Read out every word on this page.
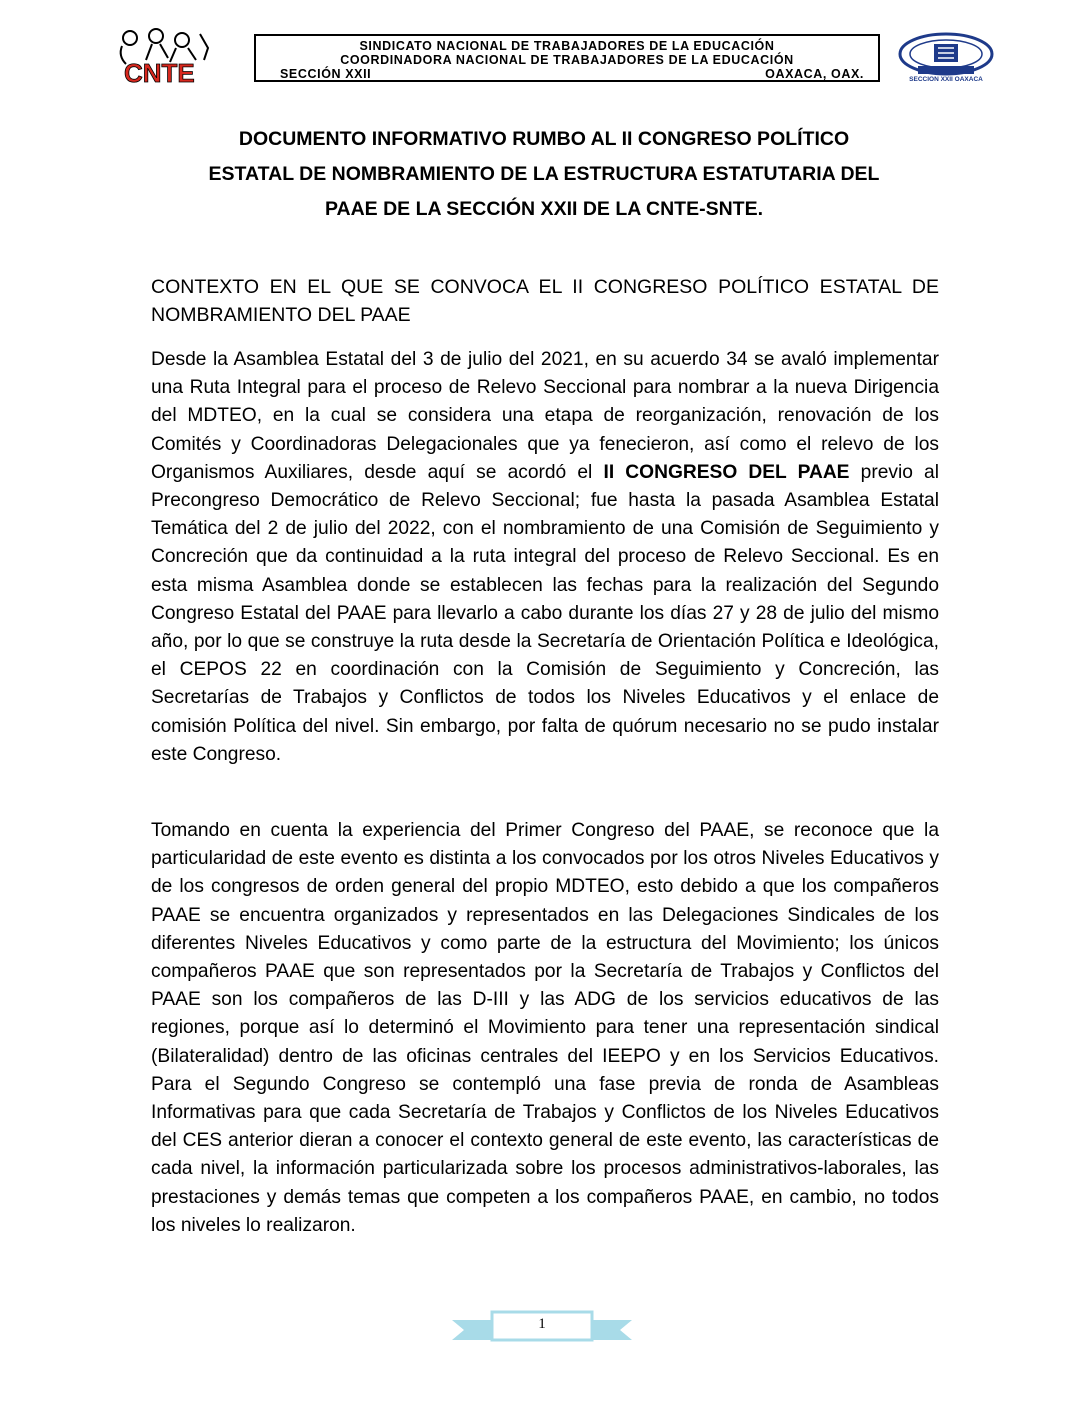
CNTE
SINDICATO NACIONAL DE TRABAJADORES DE LA EDUCACIÓN
COORDINADORA NACIONAL DE TRABAJADORES DE LA EDUCACIÓN
SECCIÓN XXII	OAXACA, OAX.	SECCION XXII OAXACA
DOCUMENTO INFORMATIVO RUMBO AL II CONGRESO POLÍTICO
ESTATAL DE NOMBRAMIENTO DE LA ESTRUCTURA ESTATUTARIA DEL
PAAE DE LA SECCIÓN XXII DE LA CNTE-SNTE.
CONTEXTO EN EL QUE SE CONVOCA EL II CONGRESO POLÍTICO ESTATAL DE NOMBRAMIENTO DEL PAAE
Desde la Asamblea Estatal del 3 de julio del 2021, en su acuerdo 34 se avaló implementar una Ruta Integral para el proceso de Relevo Seccional para nombrar a la nueva Dirigencia del MDTEO, en la cual se considera una etapa de reorganización, renovación de los Comités y Coordinadoras Delegacionales que ya fenecieron, así como el relevo de los Organismos Auxiliares, desde aquí se acordó el II CONGRESO DEL PAAE previo al Precongreso Democrático de Relevo Seccional; fue hasta la pasada Asamblea Estatal Temática del 2 de julio del 2022, con el nombramiento de una Comisión de Seguimiento y Concreción que da continuidad a la ruta integral del proceso de Relevo Seccional. Es en esta misma Asamblea donde se establecen las fechas para la realización del Segundo Congreso Estatal del PAAE para llevarlo a cabo durante los días 27 y 28 de julio del mismo año, por lo que se construye la ruta desde la Secretaría de Orientación Política e Ideológica, el CEPOS 22 en coordinación con la Comisión de Seguimiento y Concreción, las Secretarías de Trabajos y Conflictos de todos los Niveles Educativos y el enlace de comisión Política del nivel. Sin embargo, por falta de quórum necesario no se pudo instalar este Congreso.
Tomando en cuenta la experiencia del Primer Congreso del PAAE, se reconoce que la particularidad de este evento es distinta a los convocados por los otros Niveles Educativos y de los congresos de orden general del propio MDTEO, esto debido a que los compañeros PAAE se encuentra organizados y representados en las Delegaciones Sindicales de los diferentes Niveles Educativos y como parte de la estructura del Movimiento; los únicos compañeros PAAE que son representados por la Secretaría de Trabajos y Conflictos del PAAE son los compañeros de las D-III y las ADG de los servicios educativos de las regiones, porque así lo determinó el Movimiento para tener una representación sindical (Bilateralidad) dentro de las oficinas centrales del IEEPO y en los Servicios Educativos. Para el Segundo Congreso se contempló una fase previa de ronda de Asambleas Informativas para que cada Secretaría de Trabajos y Conflictos de los Niveles Educativos del CES anterior dieran a conocer el contexto general de este evento, las características de cada nivel, la información particularizada sobre los procesos administrativos-laborales, las prestaciones y demás temas que competen a los compañeros PAAE, en cambio, no todos los niveles lo realizaron.
1
